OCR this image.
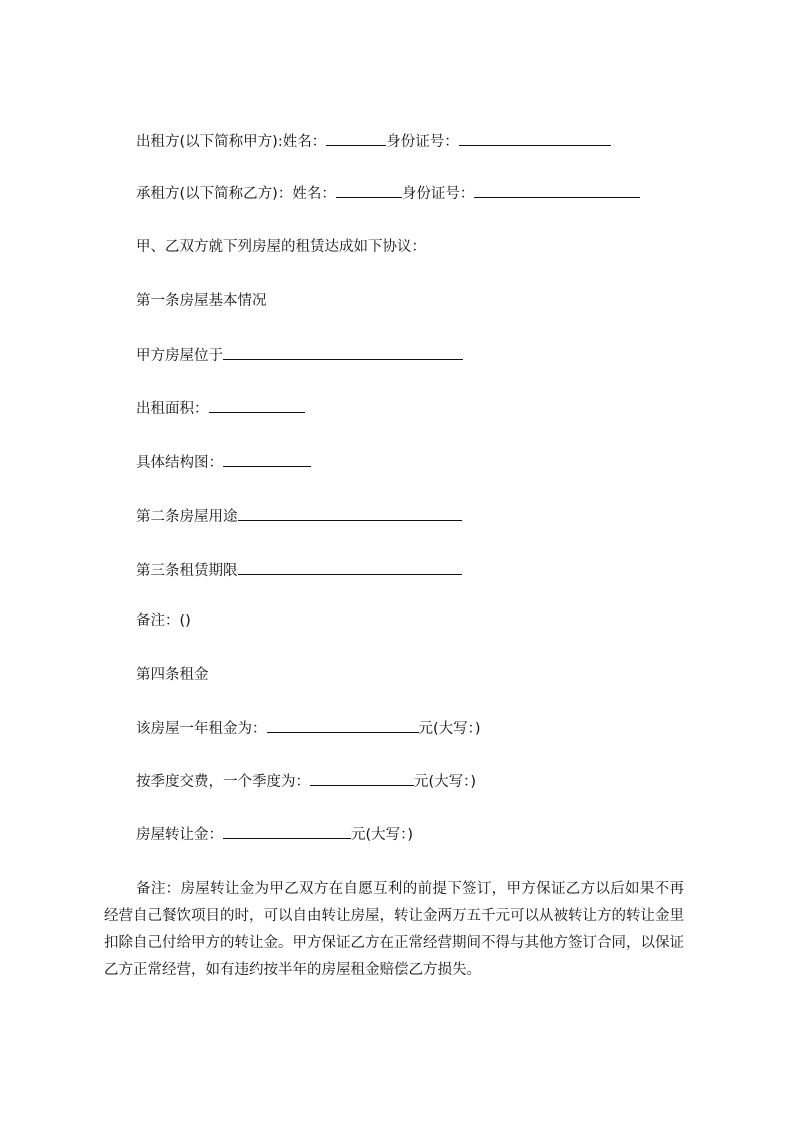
出租方(以下简称甲方):姓名：	身份证号：
承租方(以下简称乙方)：姓名：	身份证号：
甲、乙双方就下列房屋的租赁达成如下协议：
第一条房屋基本情况
甲方房屋位于
出租面积：
具体结构图：
第二条房屋用途
第三条租赁期限
备注：()
第四条租金
该房屋一年租金为：	元(大写：)
按季度交费，一个季度为：	元(大写：)
房屋转让金：	元(大写：)
备注：房屋转让金为甲乙双方在自愿互利的前提下签订，甲方保证乙方以后如果不再经营自己餐饮项目的时，可以自由转让房屋，转让金两万五千元可以从被转让方的转让金里扣除自己付给甲方的转让金。甲方保证乙方在正常经营期间不得与其他方签订合同，以保证乙方正常经营，如有违约按半年的房屋租金赔偿乙方损失。
